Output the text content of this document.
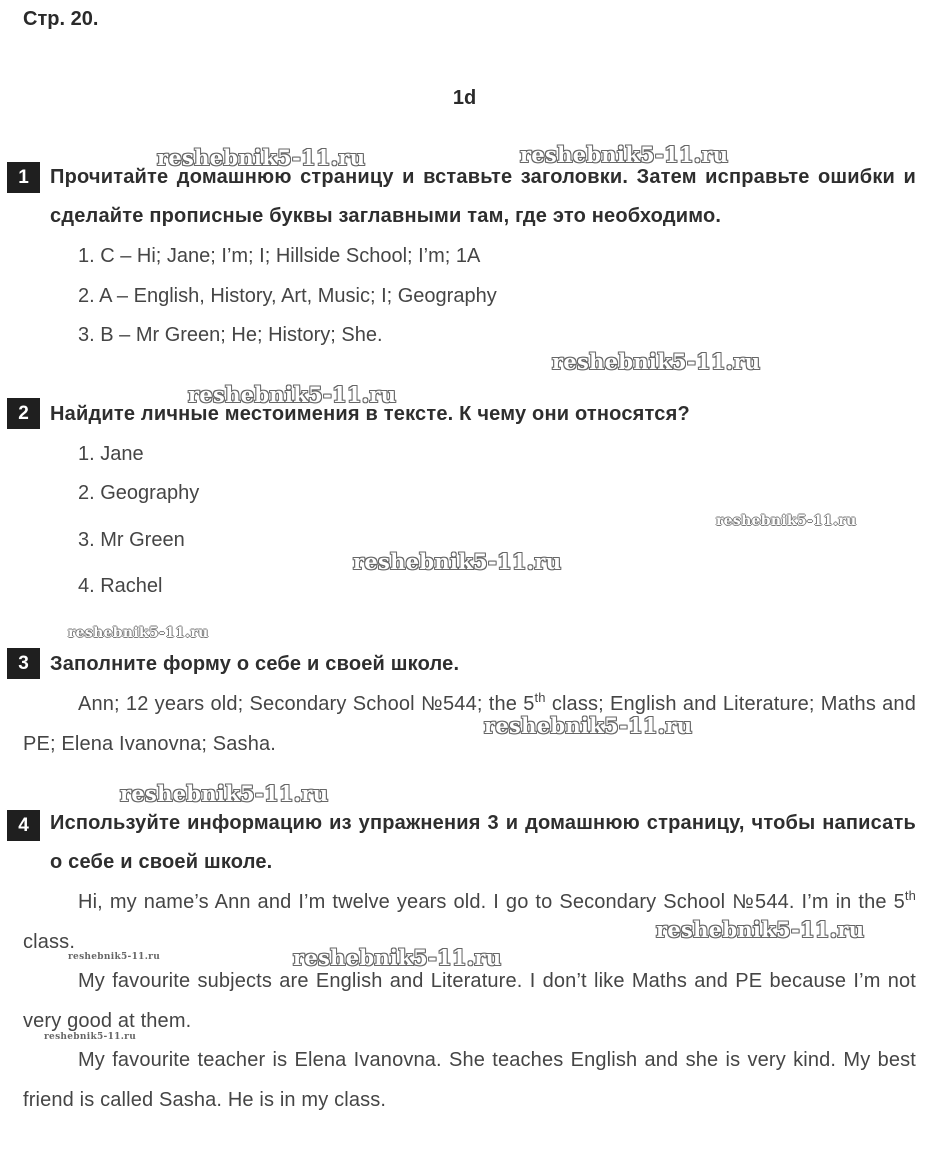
Стр. 20.
1d
1	Прочитайте домашнюю страницу и вставьте заголовки. Затем исправьте ошибки и сделайте прописные буквы заглавными там, где это необходимо.
1. C – Hi; Jane; I’m; I; Hillside School; I’m; 1A
2. A – English, History, Art, Music; I; Geography
3. B – Mr Green; He; History; She.
2	Найдите личные местоимения в тексте. К чему они относятся?
1. Jane
2. Geography
3. Mr Green
4. Rachel
3	Заполните форму о себе и своей школе.
Ann; 12 years old; Secondary School №544; the 5th class; English and Literature; Maths and PE; Elena Ivanovna; Sasha.
4	Используйте информацию из упражнения 3 и домашнюю страницу, чтобы написать о себе и своей школе.
Hi, my name’s Ann and I’m twelve years old. I go to Secondary School №544. I’m in the 5th class.
My favourite subjects are English and Literature. I don’t like Maths and PE because I’m not very good at them.
My favourite teacher is Elena Ivanovna. She teaches English and she is very kind. My best friend is called Sasha. He is in my class.
reshebnik5-11.ru	reshebnik5-11.ru
reshebnik5-11.ru
reshebnik5-11.ru
reshebnik5-11.ru
reshebnik5-11.ru
reshebnik5-11.ru
reshebnik5-11.ru
reshebnik5-11.ru
reshebnik5-11.ru
reshebnik5-11.ru
reshebnik5-11.ru
reshebnik5-11.ru
